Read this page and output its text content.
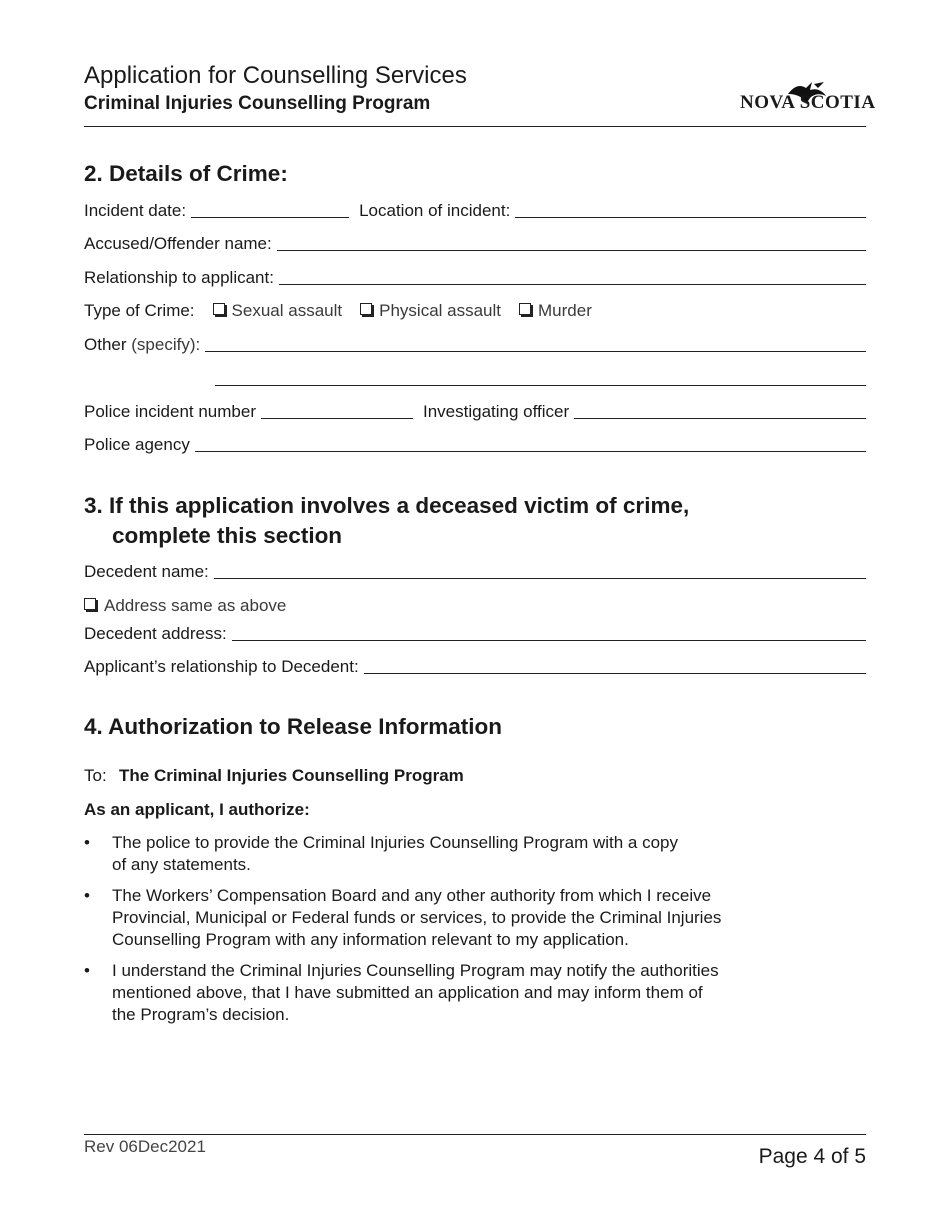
Application for Counselling Services
Criminal Injuries Counselling Program	NOVA SCOTIA
2. Details of Crime:
Incident date:	Location of incident:
Accused/Offender name:
Relationship to applicant:
Type of Crime:	Sexual assault Physical assault Murder
Other
(specify):
Police incident number	Investigating officer
Police agency
3. If this application involves a deceased victim of crime,
complete this section
Decedent name:
Address same as above
Decedent address:
Applicant’s relationship to Decedent:
4. Authorization to Release Information
To: The Criminal Injuries Counselling Program
As an applicant, I authorize:
• The police to provide the Criminal Injuries Counselling Program with a copy
of any statements.
• The Workers’ Compensation Board and any other authority from which I receive
Provincial, Municipal or Federal funds or services, to provide the Criminal Injuries
Counselling Program with any information relevant to my application.
• I understand the Criminal Injuries Counselling Program may notify the authorities
mentioned above, that I have submitted an application and may inform them of
the Program’s decision.
Rev 06Dec2021	Page 4 of 5
